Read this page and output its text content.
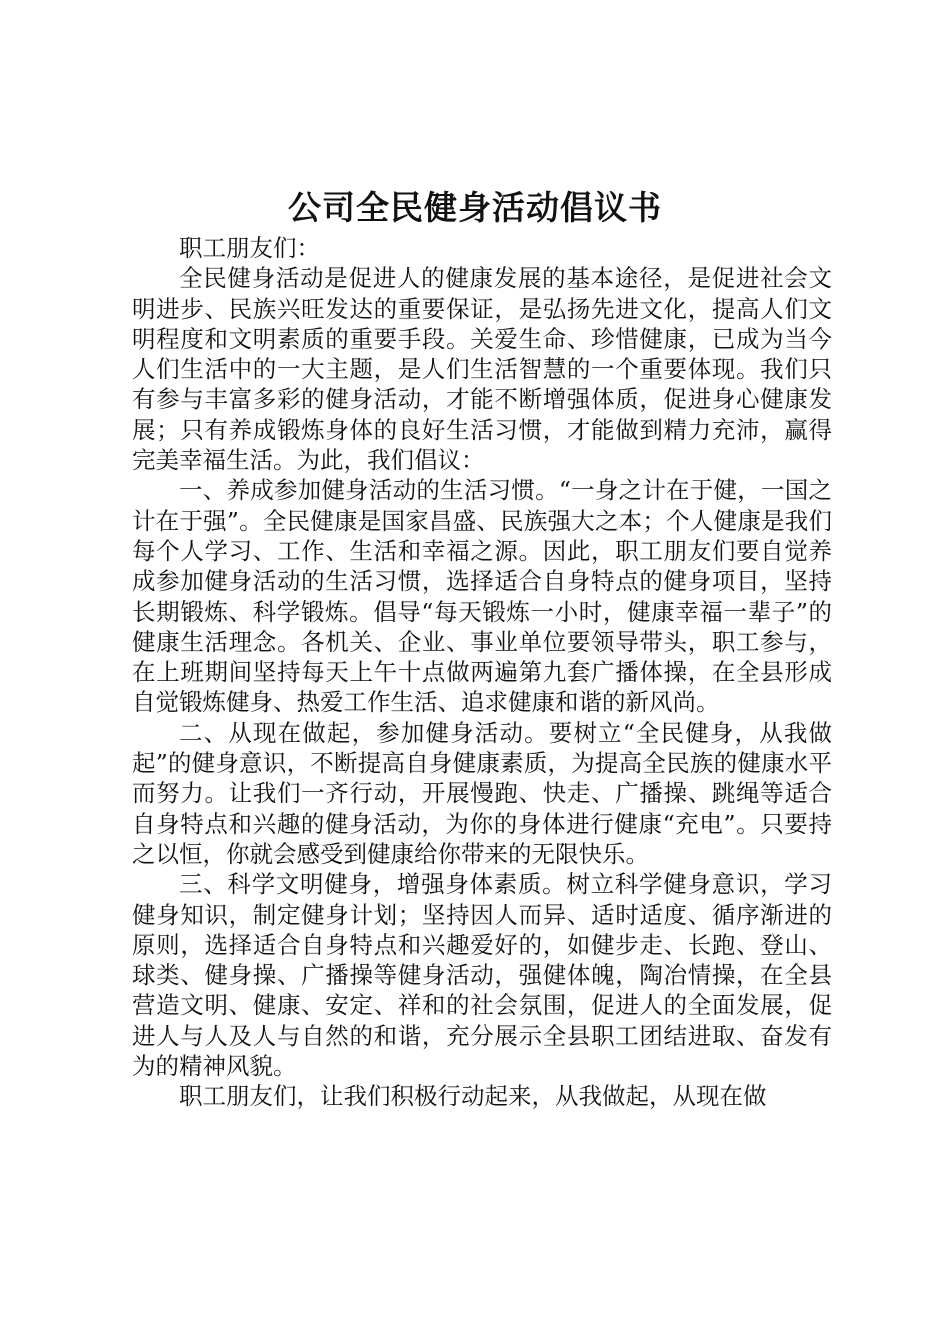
公司全民健身活动倡议书

职工朋友们：

全民健身活动是促进人的健康发展的基本途径，是促进社会文明进步、民族兴旺发达的重要保证，是弘扬先进文化，提高人们文明程度和文明素质的重要手段。关爱生命、珍惜健康，已成为当今人们生活中的一大主题，是人们生活智慧的一个重要体现。我们只有参与丰富多彩的健身活动，才能不断增强体质，促进身心健康发展；只有养成锻炼身体的良好生活习惯，才能做到精力充沛，赢得完美幸福生活。为此，我们倡议：

一、养成参加健身活动的生活习惯。“一身之计在于健，一国之计在于强”。全民健康是国家昌盛、民族强大之本；个人健康是我们每个人学习、工作、生活和幸福之源。因此，职工朋友们要自觉养成参加健身活动的生活习惯，选择适合自身特点的健身项目，坚持长期锻炼、科学锻炼。倡导“每天锻炼一小时，健康幸福一辈子”的健康生活理念。各机关、企业、事业单位要领导带头，职工参与，在上班期间坚持每天上午十点做两遍第九套广播体操，在全县形成自觉锻炼健身、热爱工作生活、追求健康和谐的新风尚。

二、从现在做起，参加健身活动。要树立“全民健身，从我做起”的健身意识，不断提高自身健康素质，为提高全民族的健康水平而努力。让我们一齐行动，开展慢跑、快走、广播操、跳绳等适合自身特点和兴趣的健身活动，为你的身体进行健康“充电”。只要持之以恒，你就会感受到健康给你带来的无限快乐。

三、科学文明健身，增强身体素质。树立科学健身意识，学习健身知识，制定健身计划；坚持因人而异、适时适度、循序渐进的原则，选择适合自身特点和兴趣爱好的，如健步走、长跑、登山、球类、健身操、广播操等健身活动，强健体魄，陶冶情操，在全县营造文明、健康、安定、祥和的社会氛围，促进人的全面发展，促进人与人及人与自然的和谐，充分展示全县职工团结进取、奋发有为的精神风貌。

职工朋友们，让我们积极行动起来，从我做起，从现在做
